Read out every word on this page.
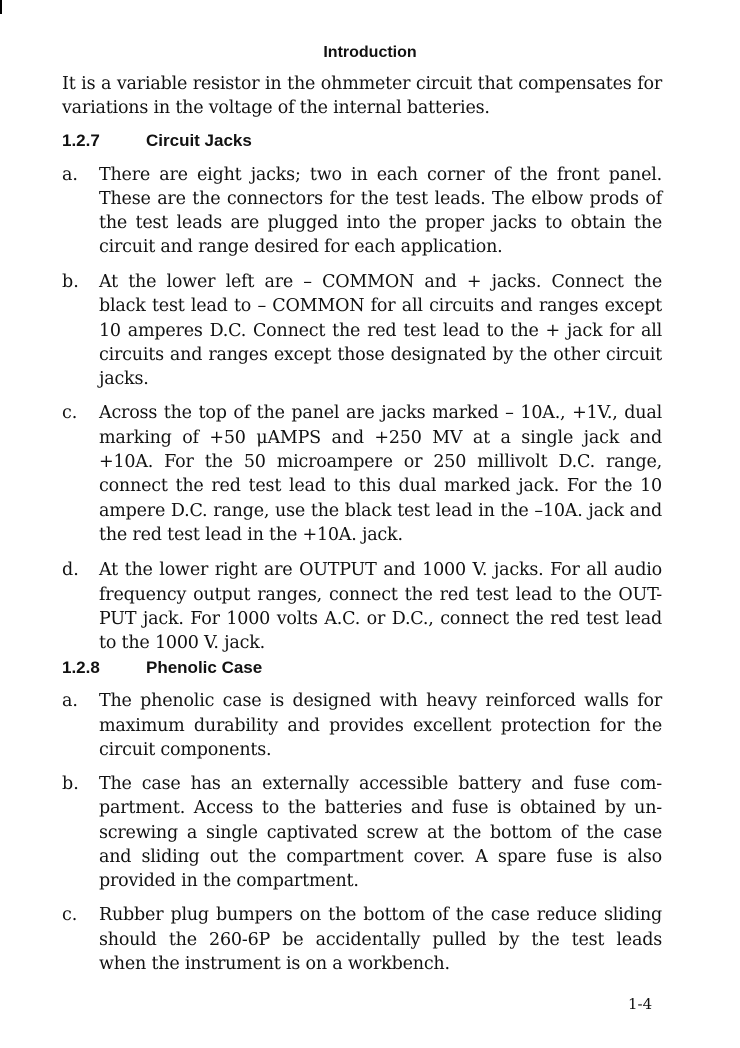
Introduction
It is a variable resistor in the ohmmeter circuit that compensates for
variations in the voltage of the internal batteries.
1.2.7	Circuit Jacks
a. There are eight jacks; two in each corner of the front panel.
These are the connectors for the test leads. The elbow prods of
the test leads are plugged into the proper jacks to obtain the
circuit and range desired for each application.
b. At the lower left are – COMMON and + jacks. Connect the
black test lead to – COMMON for all circuits and ranges except
10 amperes D.C. Connect the red test lead to the + jack for all
circuits and ranges except those designated by the other circuit
jacks.
c. Across the top of the panel are jacks marked – 10A., +1V., dual
marking of +50 μAMPS and +250 MV at a single jack and
+10A. For the 50 microampere or 250 millivolt D.C. range,
connect the red test lead to this dual marked jack. For the 10
ampere D.C. range, use the black test lead in the –10A. jack and
the red test lead in the +10A. jack.
d. At the lower right are OUTPUT and 1000 V. jacks. For all audio
frequency output ranges, connect the red test lead to the OUT-
PUT jack. For 1000 volts A.C. or D.C., connect the red test lead
to the 1000 V. jack.
1.2.8	Phenolic Case
a. The phenolic case is designed with heavy reinforced walls for
maximum durability and provides excellent protection for the
circuit components.
b. The case has an externally accessible battery and fuse com-
partment. Access to the batteries and fuse is obtained by un-
screwing a single captivated screw at the bottom of the case
and sliding out the compartment cover. A spare fuse is also
provided in the compartment.
c. Rubber plug bumpers on the bottom of the case reduce sliding
should the 260-6P be accidentally pulled by the test leads
when the instrument is on a workbench.
1-4
